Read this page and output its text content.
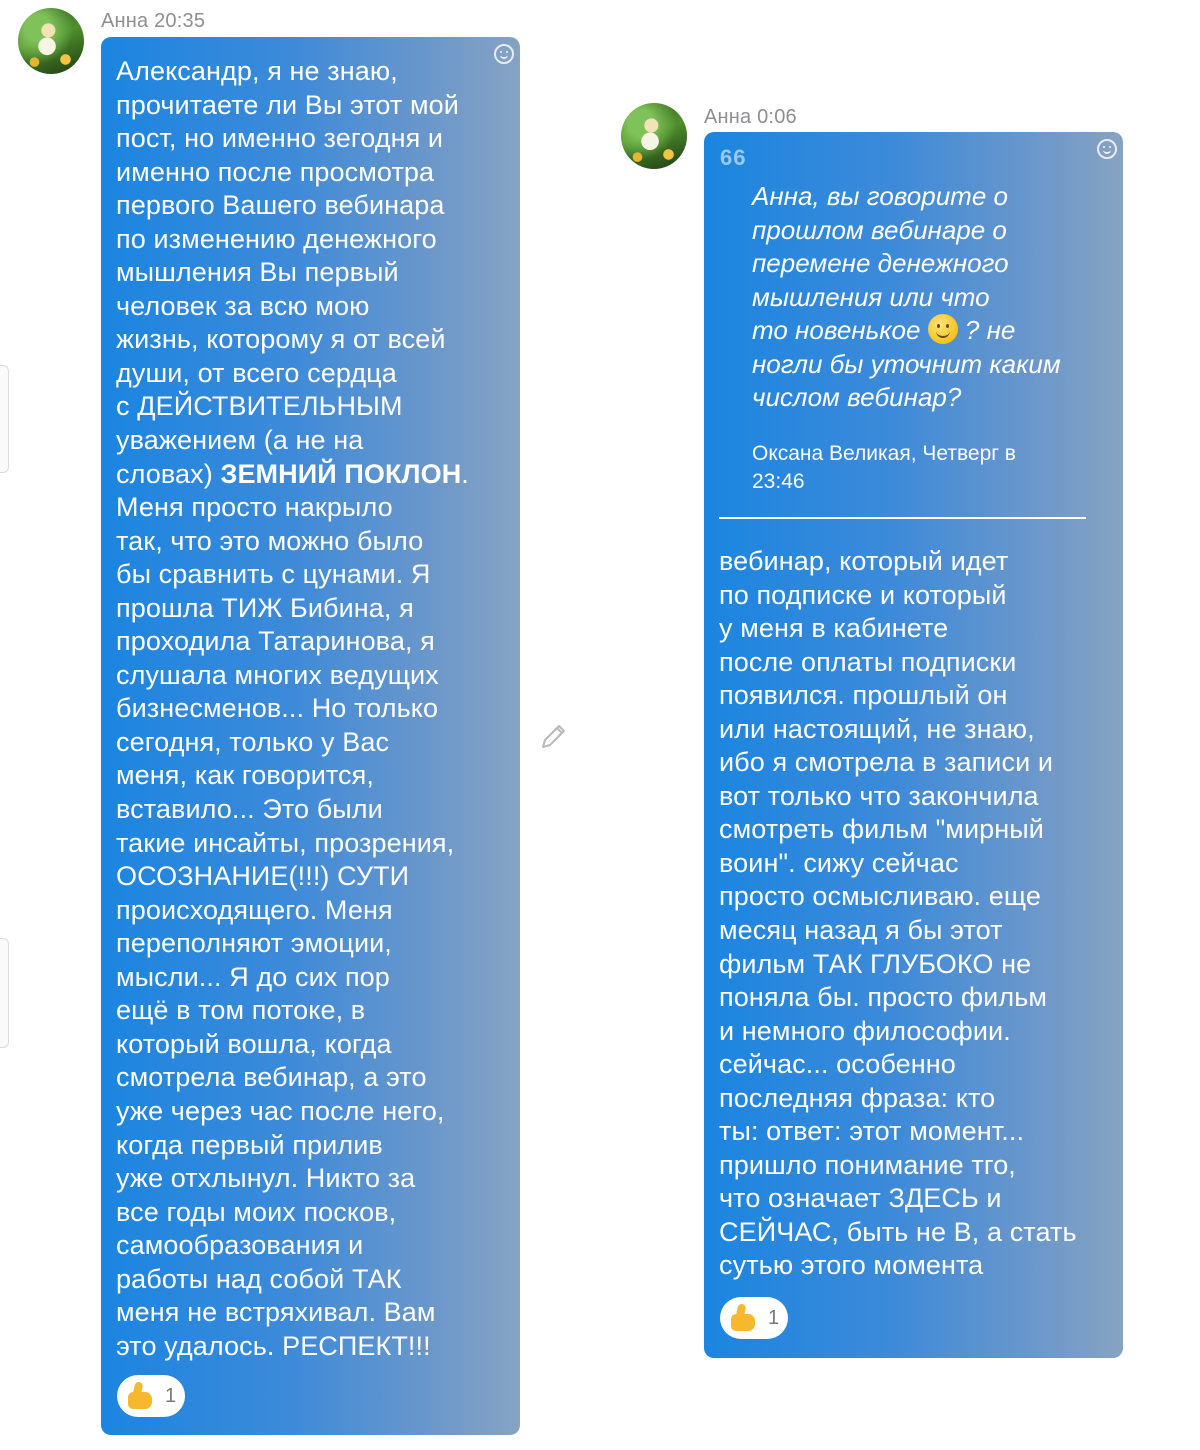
Анна 20:35
Александр, я не знаю,
прочитаете ли Вы этот мой
пост, но именно зегодня и
именно после просмотра
первого Вашего вебинара
по изменению денежного
мышления Вы первый
человек за всю мою
жизнь, которому я от всей
души, от всего сердца
с ДЕЙСТВИТЕЛЬНЫМ
уважением (а не на
словах) ЗЕМНИЙ ПОКЛОН.
Меня просто накрыло
так, что это можно было
бы сравнить с цунами. Я
прошла ТИЖ Бибина, я
проходила Татаринова, я
слушала многих ведущих
бизнесменов... Но только
сегодня, только у Вас
меня, как говорится,
вставило... Это были
такие инсайты, прозрения,
ОСОЗНАНИЕ(!!!) СУТИ
происходящего. Меня
переполняют эмоции,
мысли... Я до сих пор
ещё в том потоке, в
который вошла, когда
смотрела вебинар, а это
уже через час после него,
когда первый прилив
уже отхлынул. Никто за
все годы моих посков,
самообразования и
работы над собой ТАК
меня не встряхивал. Вам
это удалось. РЕСПЕКТ!!!
1
Анна 0:06
66
Анна, вы говорите о
прошлом вебинаре о
перемене денежного
мышления или что
то новенькое  ? не
ногли бы уточнит каким
числом вебинар?
Оксана Великая, Четверг в
23:46
вебинар, который идет
по подписке и который
у меня в кабинете
после оплаты подписки
появился. прошлый он
или настоящий, не знаю,
ибо я смотрела в записи и
вот только что закончила
смотреть фильм "мирный
воин". сижу сейчас
просто осмысливаю. еще
месяц назад я бы этот
фильм ТАК ГЛУБОКО не
поняла бы. просто фильм
и немного философии.
сейчас... особенно
последняя фраза: кто
ты: ответ: этот момент...
пришло понимание тго,
что означает ЗДЕСЬ и
СЕЙЧАС, быть не В, а стать
сутью этого момента
1
